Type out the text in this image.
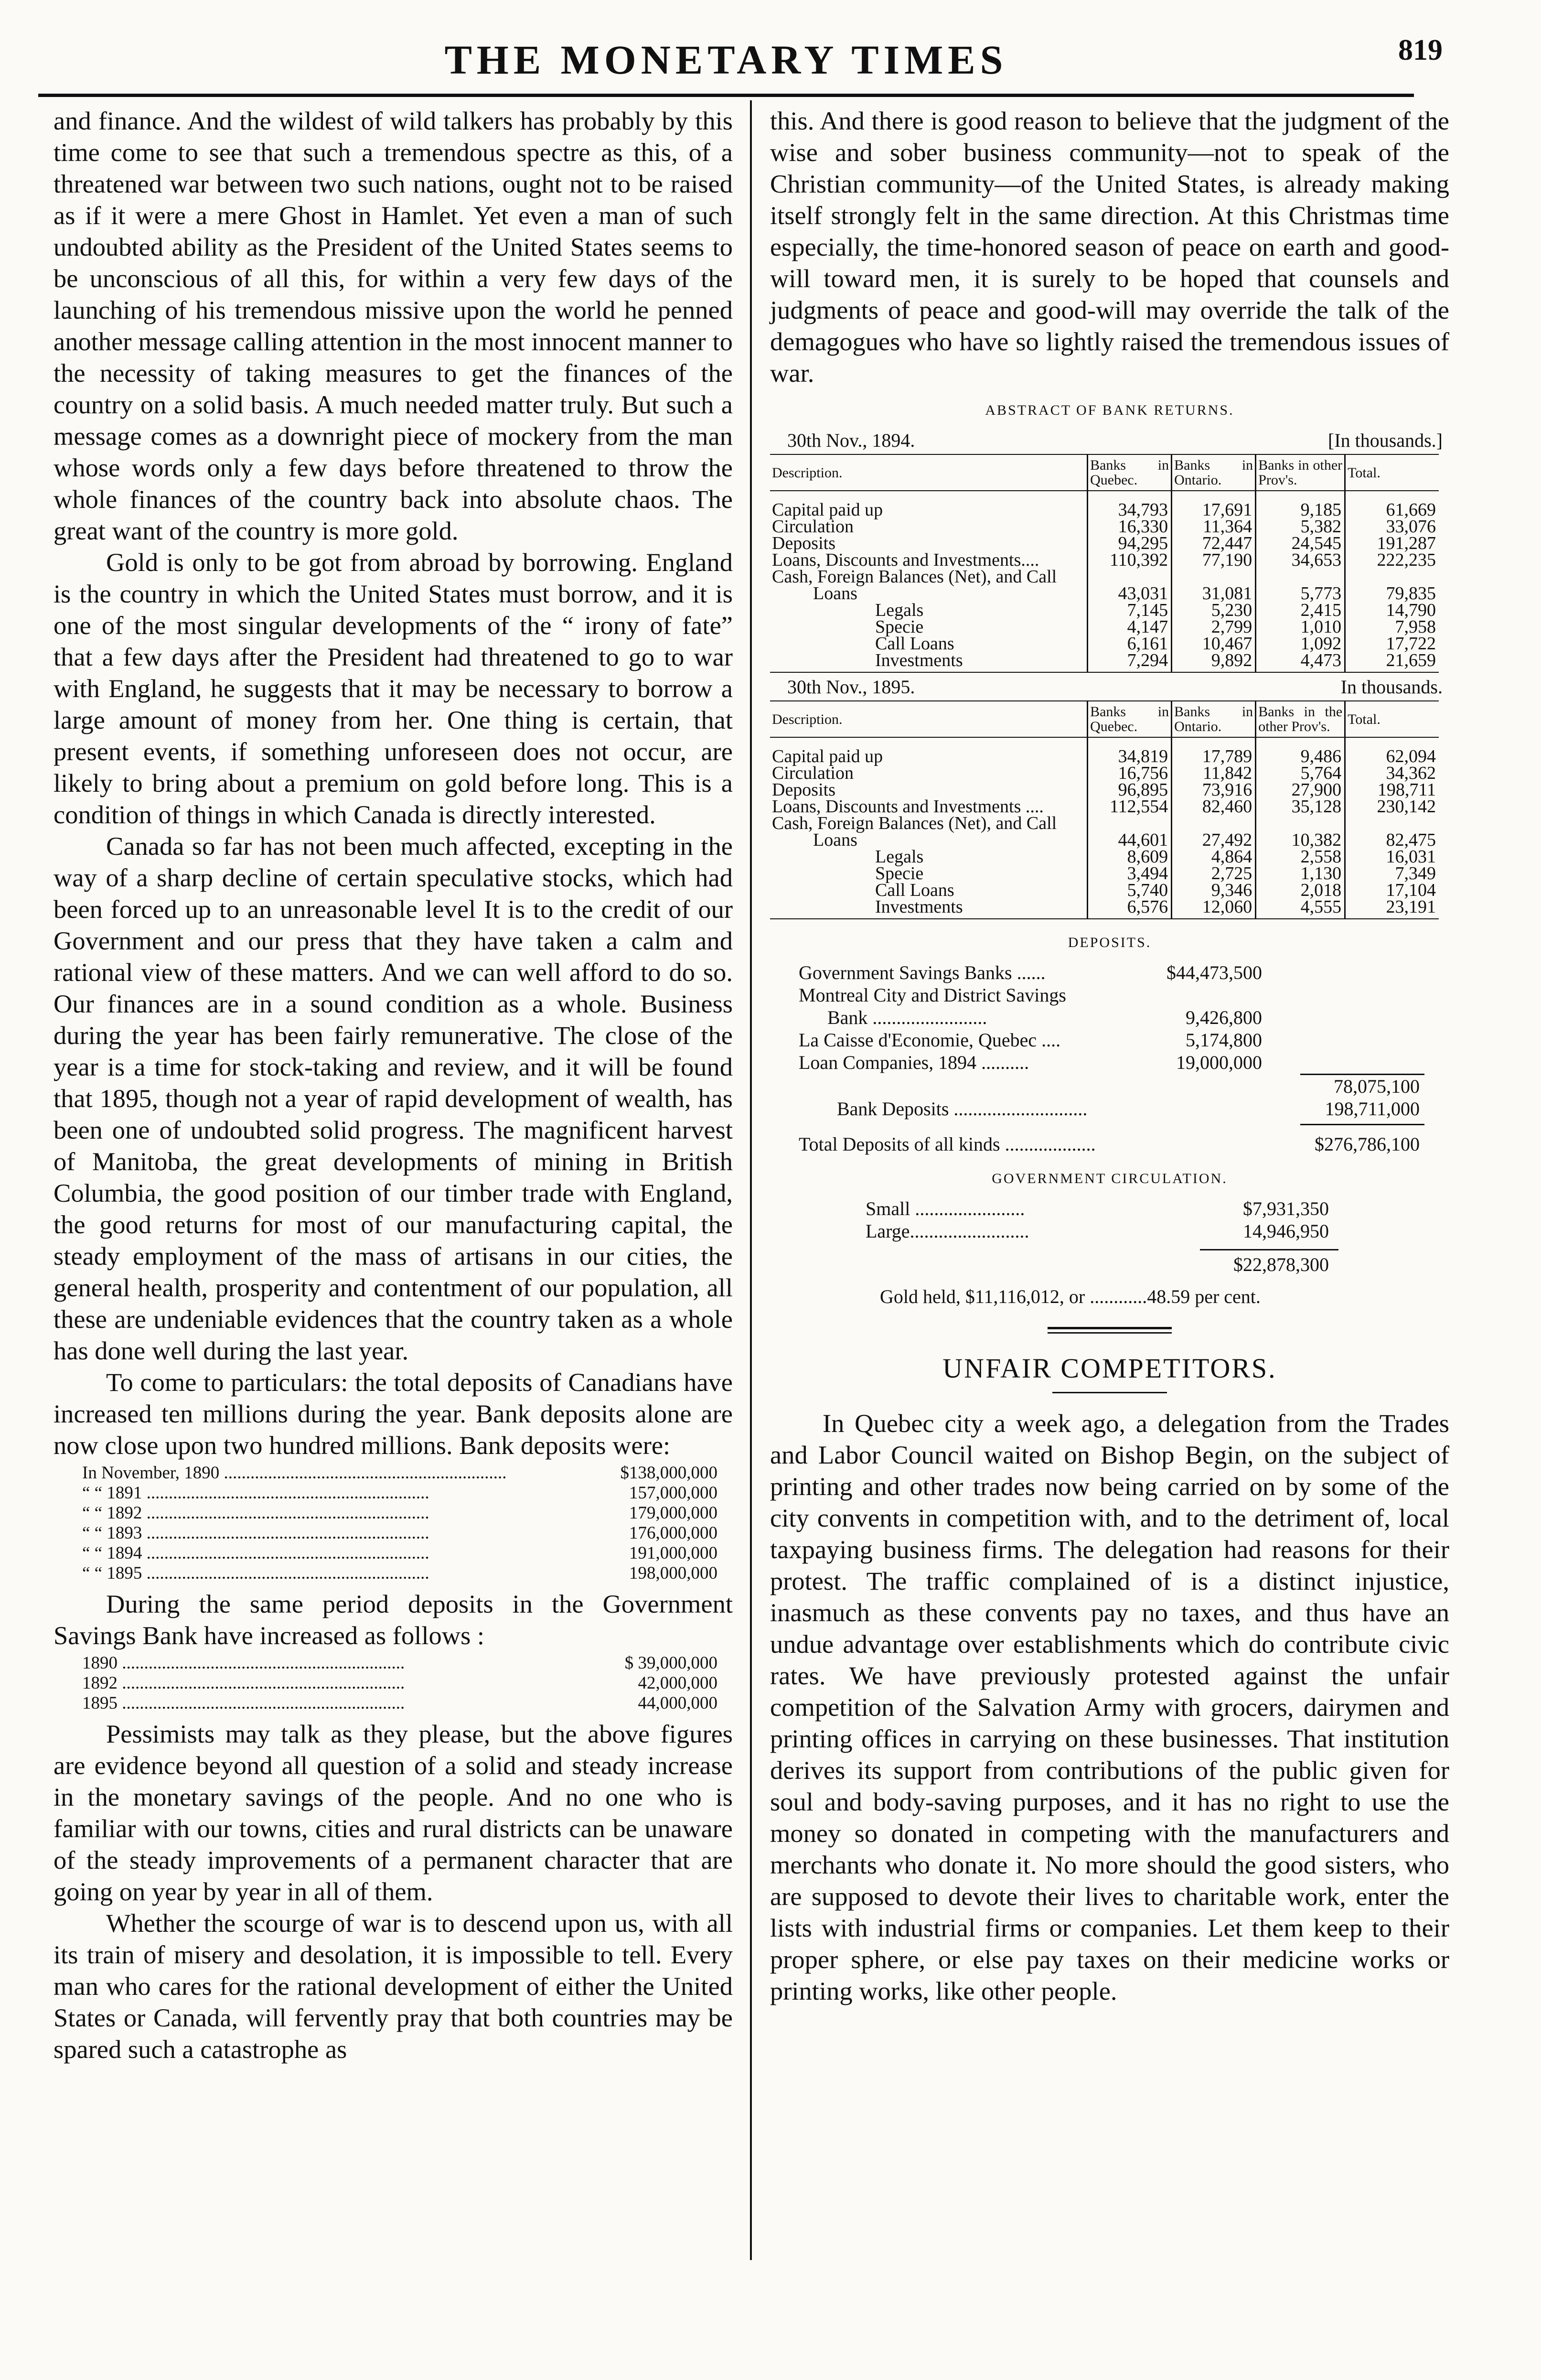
THE MONETARY TIMES	819

and finance. And the wildest of wild talkers has probably by this time come to see that such a tremendous spectre as this, of a threatened war between two such nations, ought not to be raised as if it were a mere Ghost in Hamlet. Yet even a man of such undoubted ability as the President of the United States seems to be unconscious of all this, for within a very few days of the launching of his tremendous missive upon the world he penned another message calling attention in the most innocent manner to the necessity of taking measures to get the finances of the country on a solid basis. A much needed matter truly. But such a message comes as a downright piece of mockery from the man whose words only a few days before threatened to throw the whole finances of the country back into absolute chaos. The great want of the country is more gold.

Gold is only to be got from abroad by borrowing. England is the country in which the United States must borrow, and it is one of the most singular developments of the “ irony of fate” that a few days after the President had threatened to go to war with England, he suggests that it may be necessary to borrow a large amount of money from her. One thing is certain, that present events, if something unforeseen does not occur, are likely to bring about a premium on gold before long. This is a condition of things in which Canada is directly interested.

Canada so far has not been much affected, excepting in the way of a sharp decline of certain speculative stocks, which had been forced up to an unreasonable level It is to the credit of our Government and our press that they have taken a calm and rational view of these matters. And we can well afford to do so. Our finances are in a sound condition as a whole. Business during the year has been fairly remunerative. The close of the year is a time for stock-taking and review, and it will be found that 1895, though not a year of rapid development of wealth, has been one of undoubted solid progress. The magnificent harvest of Manitoba, the great developments of mining in British Columbia, the good position of our timber trade with England, the good returns for most of our manufacturing capital, the steady employment of the mass of artisans in our cities, the general health, prosperity and contentment of our population, all these are undeniable evidences that the country taken as a whole has done well during the last year.

To come to particulars: the total deposits of Canadians have increased ten millions during the year. Bank deposits alone are now close upon two hundred millions. Bank deposits were:

In November, 1890 .....	$138,000,000
“ “ 1891 .....	157,000,000
“ “ 1892 .....	179,000,000
“ “ 1893 .....	176,000,000
“ “ 1894 .....	191,000,000
“ “ 1895 .....	198,000,000

During the same period deposits in the Government Savings Bank have increased as follows :

1890 .....	$ 39,000,000
1892 .....	42,000,000
1895 .....	44,000,000

Pessimists may talk as they please, but the above figures are evidence beyond all question of a solid and steady increase in the monetary savings of the people. And no one who is familiar with our towns, cities and rural districts can be unaware of the steady improvements of a permanent character that are going on year by year in all of them.

Whether the scourge of war is to descend upon us, with all its train of misery and desolation, it is impossible to tell. Every man who cares for the rational development of either the United States or Canada, will fervently pray that both countries may be spared such a catastrophe as

this. And there is good reason to believe that the judgment of the wise and sober business community—not to speak of the Christian community—of the United States, is already making itself strongly felt in the same direction. At this Christmas time especially, the time-honored season of peace on earth and good-will toward men, it is surely to be hoped that counsels and judgments of peace and good-will may override the talk of the demagogues who have so lightly raised the tremendous issues of war.

ABSTRACT OF BANK RETURNS.
30th Nov., 1894.	[In thousands.]
Description.	Banks in Quebec.	Banks in Ontario.	Banks in other Prov's.	Total.
Capital paid up	34,793	17,691	9,185	61,669
Circulation	16,330	11,364	5,382	33,076
Deposits	94,295	72,447	24,545	191,287
Loans, Discounts and Investments....	110,392	77,190	34,653	222,235
Cash, Foreign Balances (Net), and Call				
Loans	43,031	31,081	5,773	79,835
Legals	7,145	5,230	2,415	14,790
Specie	4,147	2,799	1,010	7,958
Call Loans	6,161	10,467	1,092	17,722
Investments	7,294	9,892	4,473	21,659
30th Nov., 1895.	In thousands.
Description.	Banks in Quebec.	Banks in Ontario.	Banks in the other Prov's.	Total.
Capital paid up	34,819	17,789	9,486	62,094
Circulation	16,756	11,842	5,764	34,362
Deposits	96,895	73,916	27,900	198,711
Loans, Discounts and Investments ....	112,554	82,460	35,128	230,142
Cash, Foreign Balances (Net), and Call				
Loans	44,601	27,492	10,382	82,475
Legals	8,609	4,864	2,558	16,031
Specie	3,494	2,725	1,130	7,349
Call Loans	5,740	9,346	2,018	17,104
Investments	6,576	12,060	4,555	23,191
DEPOSITS.
Government Savings Banks ......	$44,473,500
Montreal City and District Savings
Bank ........................	9,426,800
La Caisse d'Economie, Quebec ....	5,174,800
Loan Companies, 1894 ..........	19,000,000
78,075,100
Bank Deposits ............................	198,711,000
Total Deposits of all kinds ...................	$276,786,100
GOVERNMENT CIRCULATION.
Small .......................	$7,931,350
Large.........................	14,946,950
$22,878,300
Gold held, $11,116,012, or ............48.59 per cent.
UNFAIR COMPETITORS.

In Quebec city a week ago, a delegation from the Trades and Labor Council waited on Bishop Begin, on the subject of printing and other trades now being carried on by some of the city convents in competition with, and to the detriment of, local taxpaying business firms. The delegation had reasons for their protest. The traffic complained of is a distinct injustice, inasmuch as these convents pay no taxes, and thus have an undue advantage over establishments which do contribute civic rates. We have previously protested against the unfair competition of the Salvation Army with grocers, dairymen and printing offices in carrying on these businesses. That institution derives its support from contributions of the public given for soul and body-saving purposes, and it has no right to use the money so donated in competing with the manufacturers and merchants who donate it. No more should the good sisters, who are supposed to devote their lives to charitable work, enter the lists with industrial firms or companies. Let them keep to their proper sphere, or else pay taxes on their medicine works or printing works, like other people.
